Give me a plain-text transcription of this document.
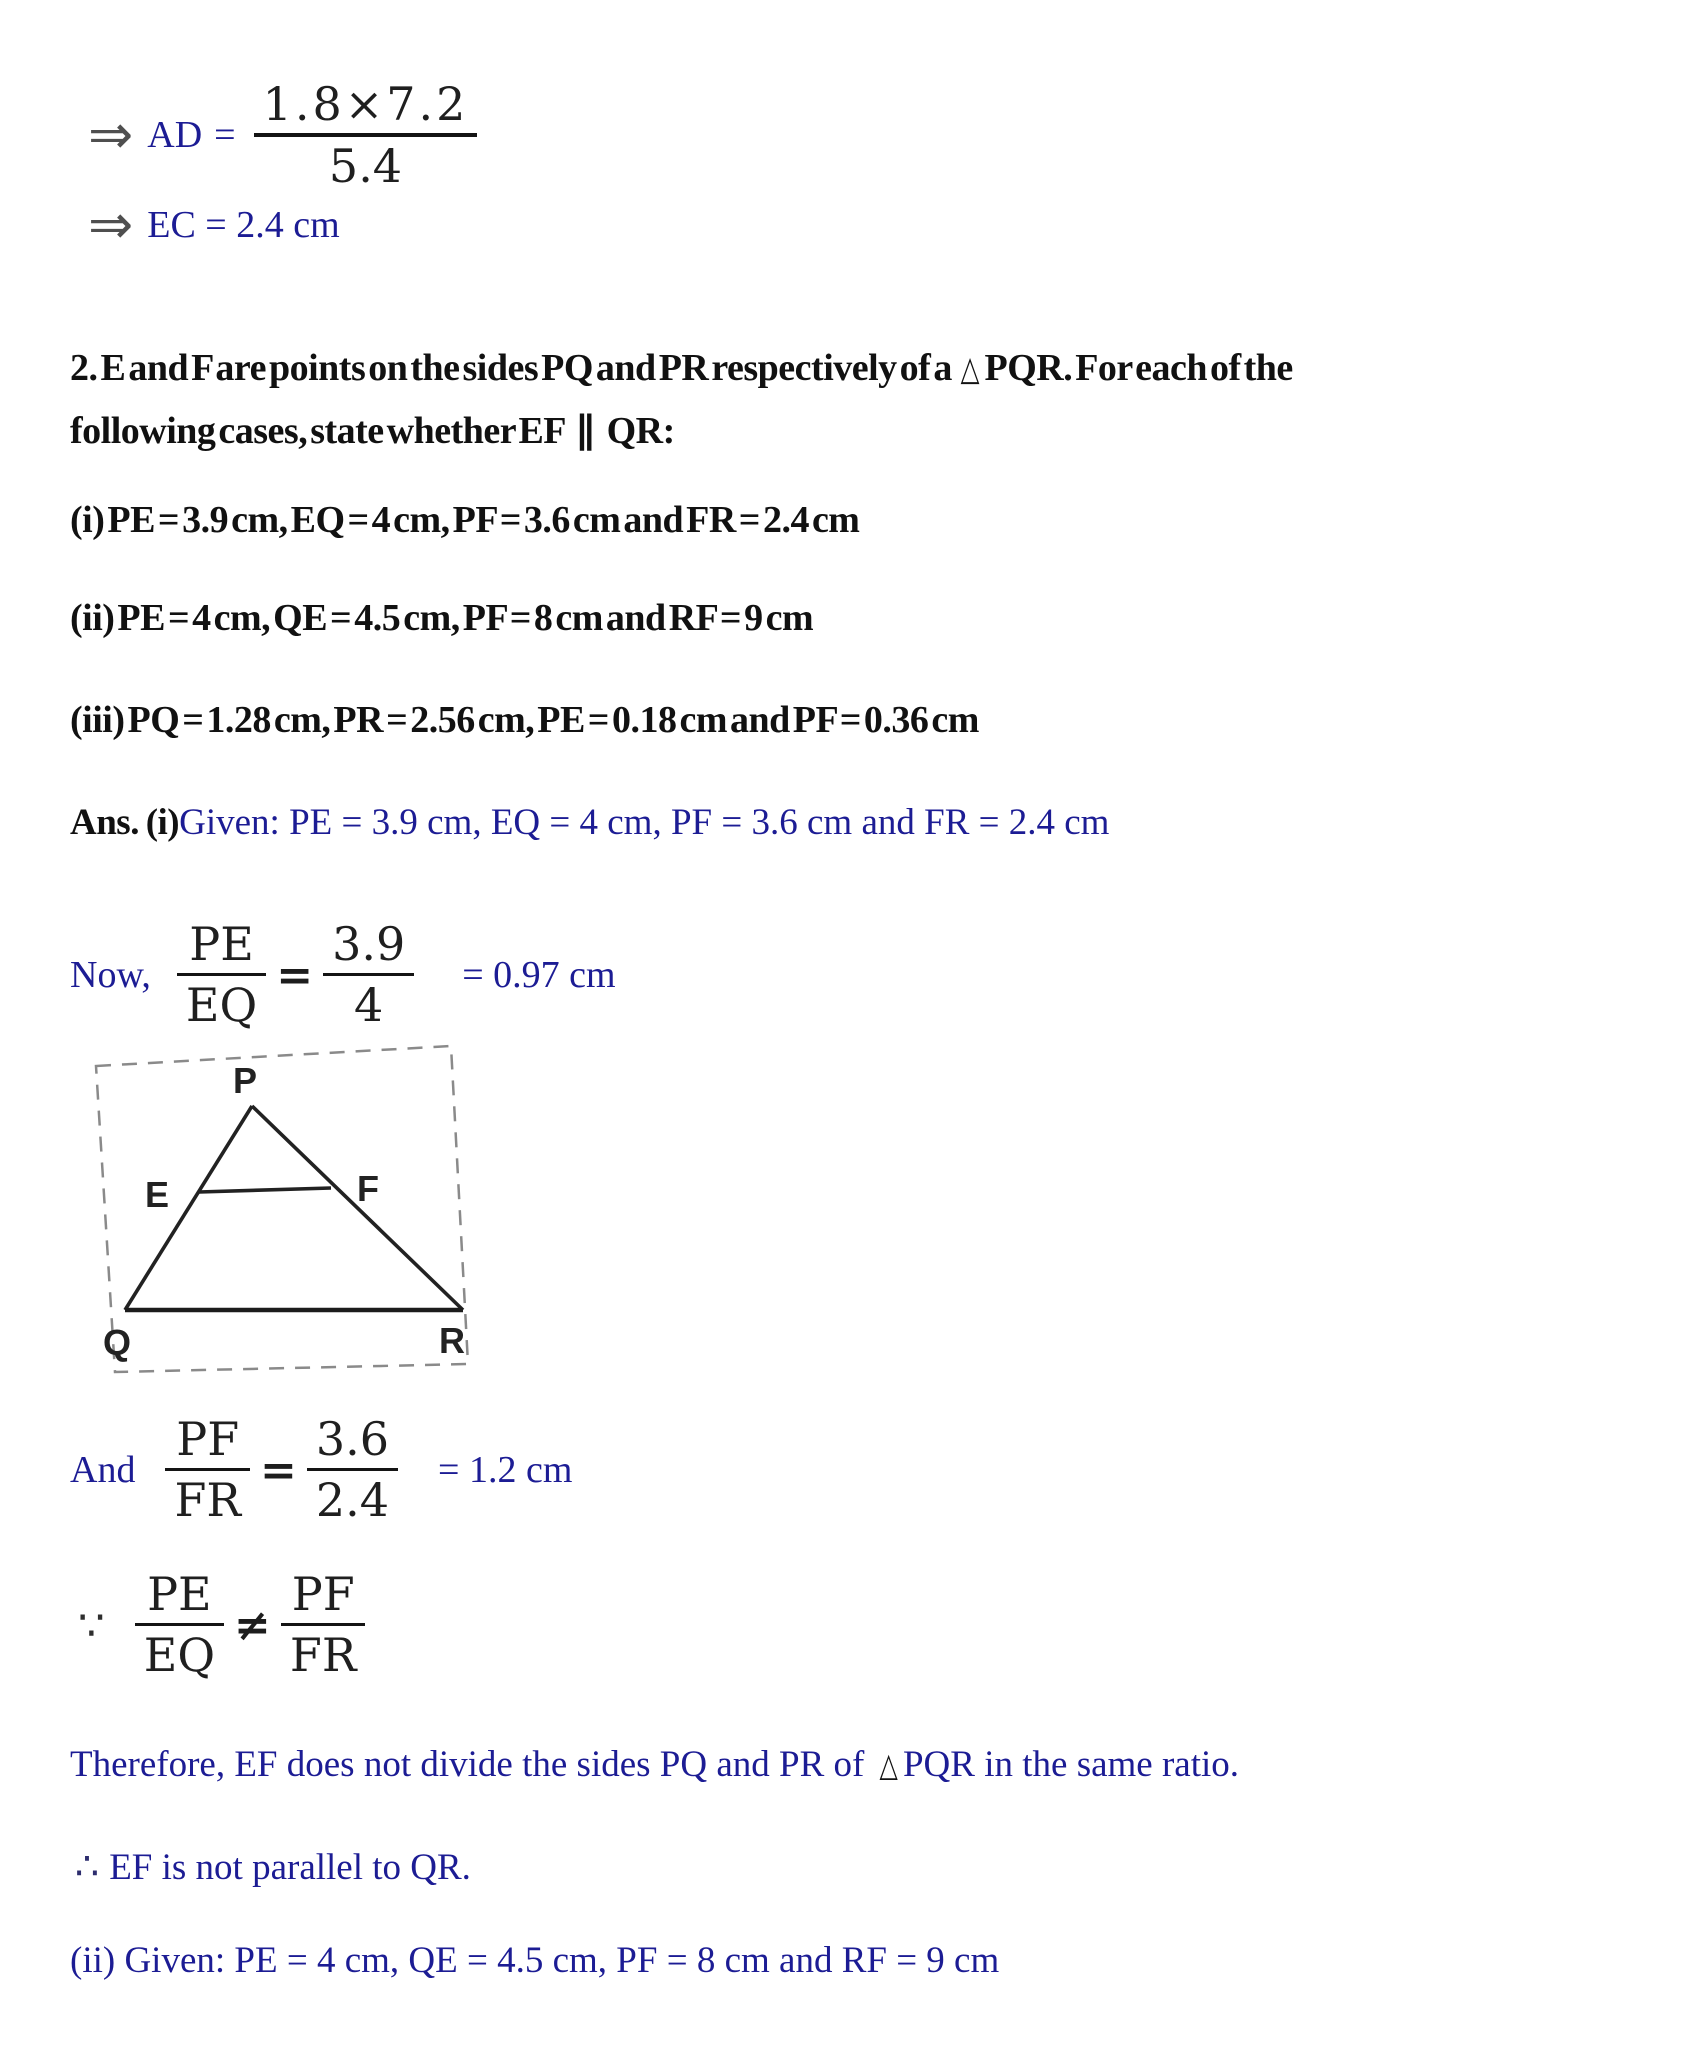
⇒ AD = $\frac{1.8\times 7.2}{5.4}$
⇒ EC = 2.4 cm
2. E and F are points on the sides PQ and PR respectively of a △ PQR. For each of the
following cases, state whether EF ∥ QR:
(i) PE = 3.9 cm, EQ = 4 cm, PF = 3.6 cm and FR = 2.4 cm
(ii) PE = 4 cm, QE = 4.5 cm, PF = 8 cm and RF = 9 cm
(iii) PQ = 1.28 cm, PR = 2.56 cm, PE = 0.18 cm and PF = 0.36 cm
Ans. (i)Given: PE = 3.9 cm, EQ = 4 cm, PF = 3.6 cm and FR = 2.4 cm
Now, $\frac{PE}{EQ} = \frac{3.9}{4} = 0.97$ cm
P
E	F
Q	R
And $\frac{PF}{FR} = \frac{3.6}{2.4} = 1.2$ cm
∵ $\frac{PE}{EQ} \ne \frac{PF}{FR}$
Therefore, EF does not divide the sides PQ and PR of △ PQR in the same ratio.
∴ EF is not parallel to QR.
(ii) Given: PE = 4 cm, QE = 4.5 cm, PF = 8 cm and RF = 9 cm
